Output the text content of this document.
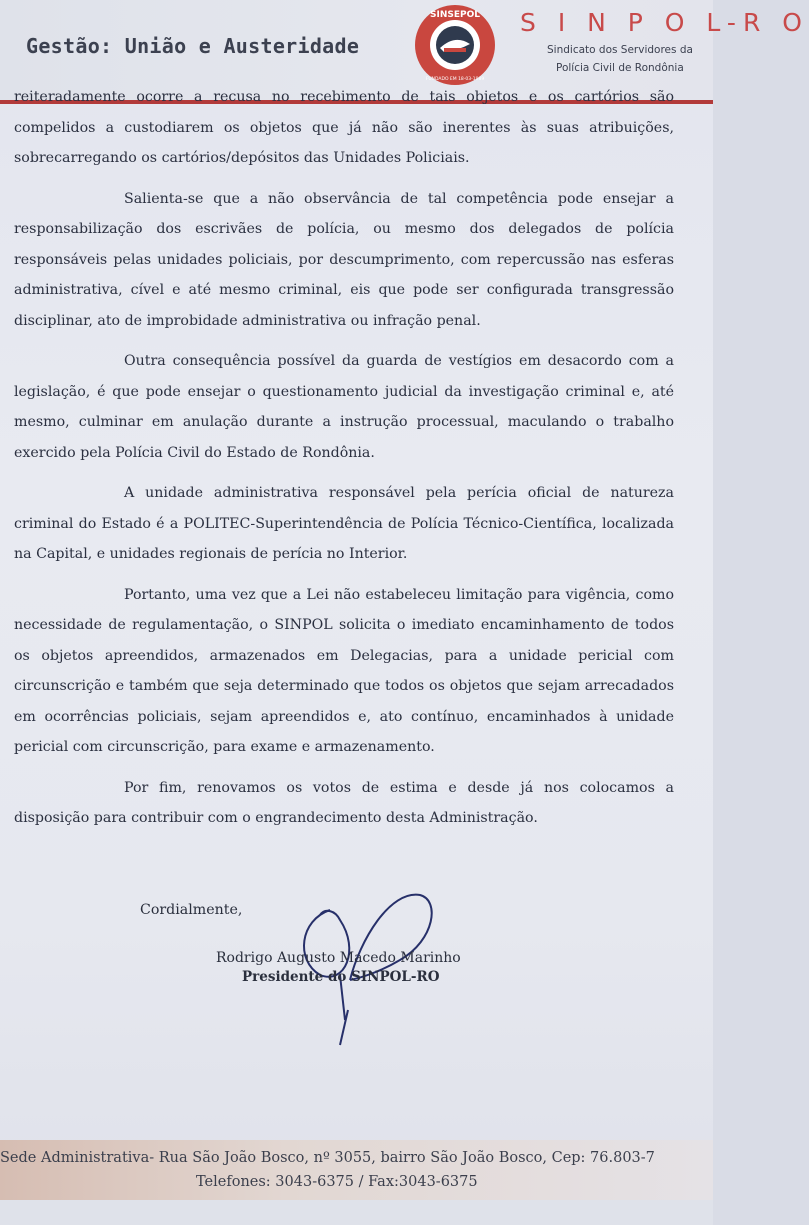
Gestão: União e Austeridade
SINSEPOL
FUNDADO EM 18-03-1989
S I N P O L-R O
Sindicato dos Servidores da
Polícia Civil de Rondônia

reiteradamente ocorre a recusa no recebimento de tais objetos e os cartórios são compelidos a custodiarem os objetos que já não são inerentes às suas atribuições, sobrecarregando os cartórios/depósitos das Unidades Policiais.

Salienta-se que a não observância de tal competência pode ensejar a responsabilização dos escrivães de polícia, ou mesmo dos delegados de polícia responsáveis pelas unidades policiais, por descumprimento, com repercussão nas esferas administrativa, cível e até mesmo criminal, eis que pode ser configurada transgressão disciplinar, ato de improbidade administrativa ou infração penal.

Outra consequência possível da guarda de vestígios em desacordo com a legislação, é que pode ensejar o questionamento judicial da investigação criminal e, até mesmo, culminar em anulação durante a instrução processual, maculando o trabalho exercido pela Polícia Civil do Estado de Rondônia.

A unidade administrativa responsável pela perícia oficial de natureza criminal do Estado é a POLITEC-Superintendência de Polícia Técnico-Científica, localizada na Capital, e unidades regionais de perícia no Interior.

Portanto, uma vez que a Lei não estabeleceu limitação para vigência, como necessidade de regulamentação, o SINPOL solicita o imediato encaminhamento de todos os objetos apreendidos, armazenados em Delegacias, para a unidade pericial com circunscrição e também que seja determinado que todos os objetos que sejam arrecadados em ocorrências policiais, sejam apreendidos e, ato contínuo, encaminhados à unidade pericial com circunscrição, para exame e armazenamento.

Por fim, renovamos os votos de estima e desde já nos colocamos a disposição para contribuir com o engrandecimento desta Administração.

Cordialmente,
Rodrigo Augusto Macedo Marinho
Presidente do SINPOL-RO
Sede Administrativa- Rua São João Bosco, nº 3055, bairro São João Bosco, Cep: 76.803-7
Telefones: 3043-6375 / Fax:3043-6375
